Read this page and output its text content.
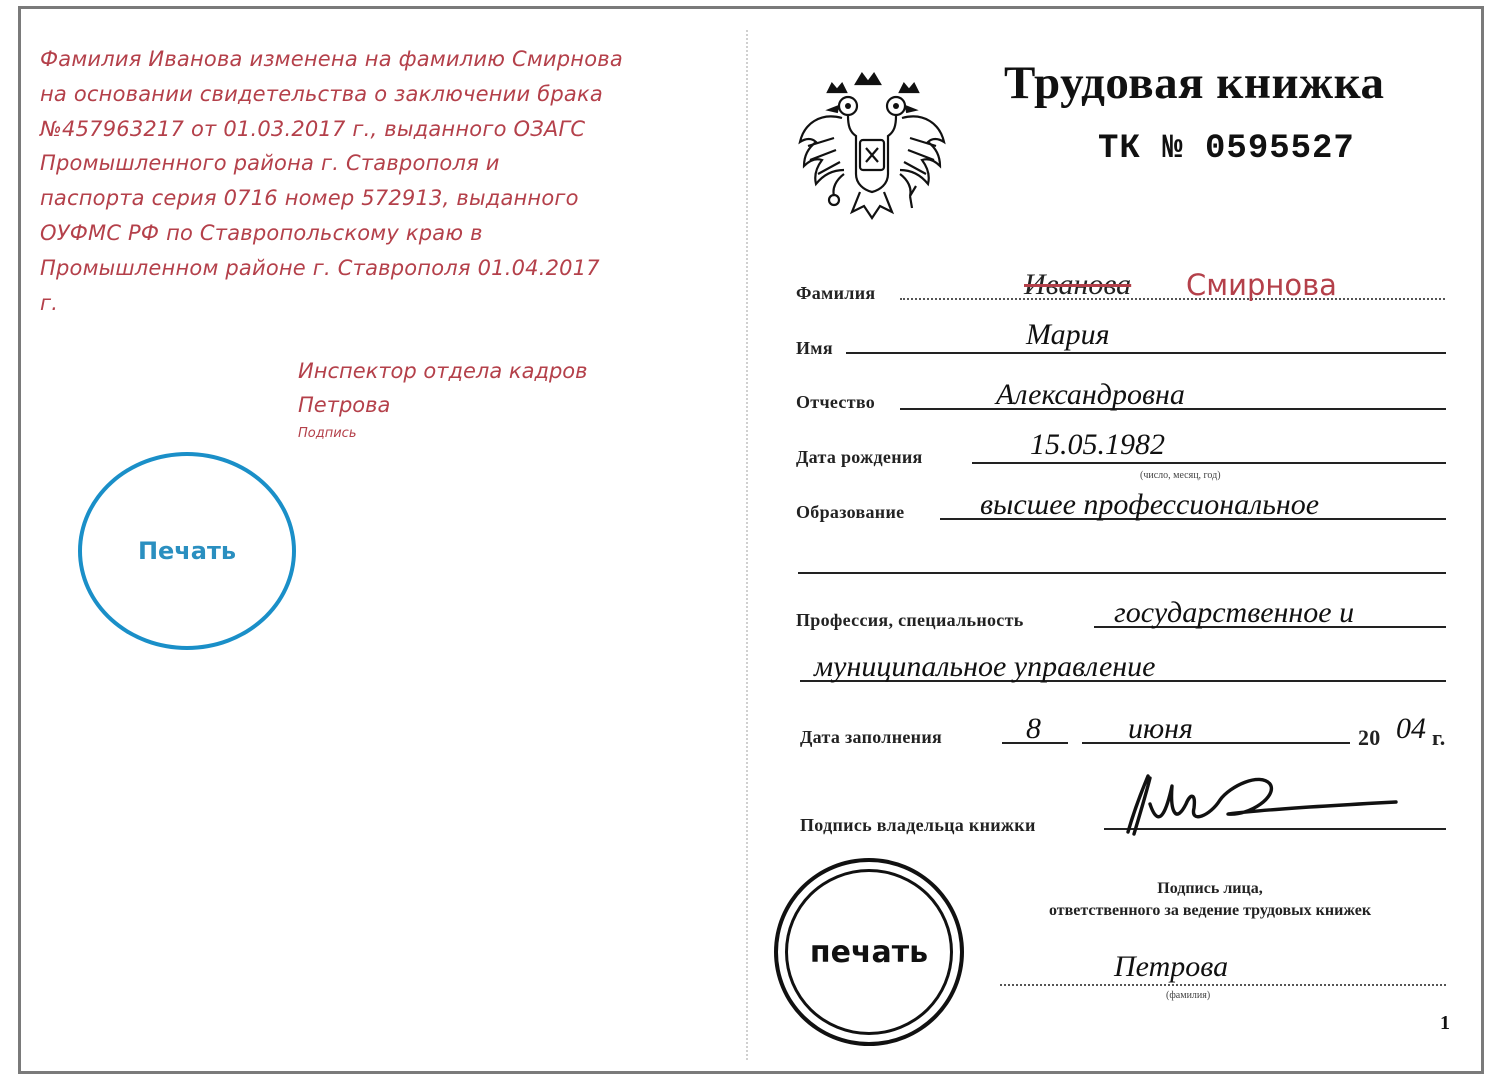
Фамилия Иванова изменена на фамилию Смирнова
на основании свидетельства о заключении брака
№457963217 от 01.03.2017 г., выданного ОЗАГС
Промышленного района г. Ставрополя и
паспорта серия 0716 номер 572913, выданного
ОУФМС РФ по Ставропольскому краю в
Промышленном районе г. Ставрополя 01.04.2017
г.
Инспектор отдела кадров
Петрова
Подпись
Печать
Трудовая книжка
ТК № 0595527
Фамилия	Иванова Смирнова
Имя	Мария
Отчество	Александровна
Дата рождения	15.05.1982
(число, месяц, год)
Образование	высшее профессиональное
Профессия, специальность	государственное и
муниципальное управление
Дата заполнения	8	июня	20 04 г.
Подпись владельца книжки
печать
Подпись лица,
ответственного за ведение трудовых книжек
Петрова
(фамилия)
1
